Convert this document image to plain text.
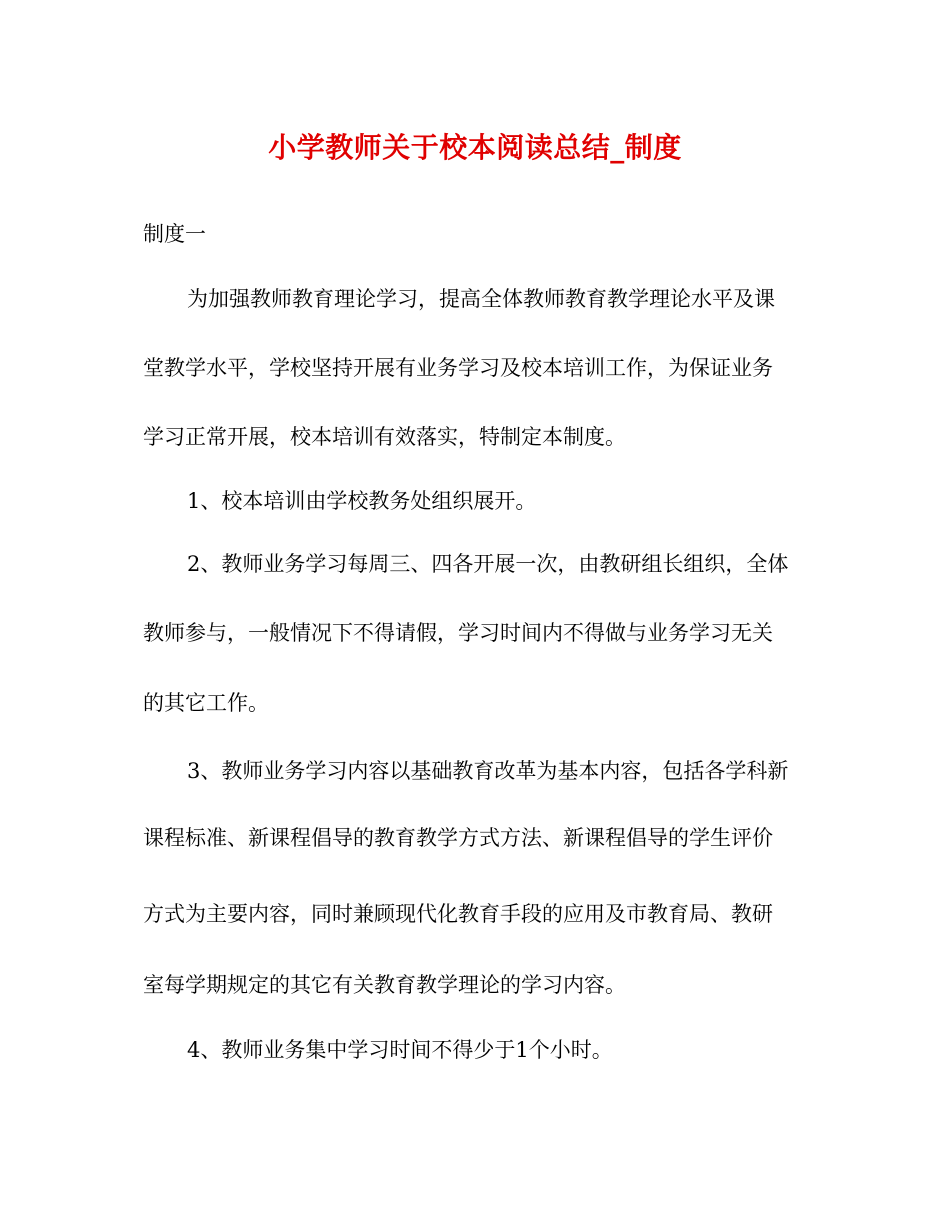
小学教师关于校本阅读总结_制度
制度一
为加强教师教育理论学习，提高全体教师教育教学理论水平及课
堂教学水平，学校坚持开展有业务学习及校本培训工作，为保证业务
学习正常开展，校本培训有效落实，特制定本制度。
1、校本培训由学校教务处组织展开。
2、教师业务学习每周三、四各开展一次，由教研组长组织，全体
教师参与，一般情况下不得请假，学习时间内不得做与业务学习无关
的其它工作。
3、教师业务学习内容以基础教育改革为基本内容，包括各学科新
课程标准、新课程倡导的教育教学方式方法、新课程倡导的学生评价
方式为主要内容，同时兼顾现代化教育手段的应用及市教育局、教研
室每学期规定的其它有关教育教学理论的学习内容。
4、教师业务集中学习时间不得少于1个小时。
